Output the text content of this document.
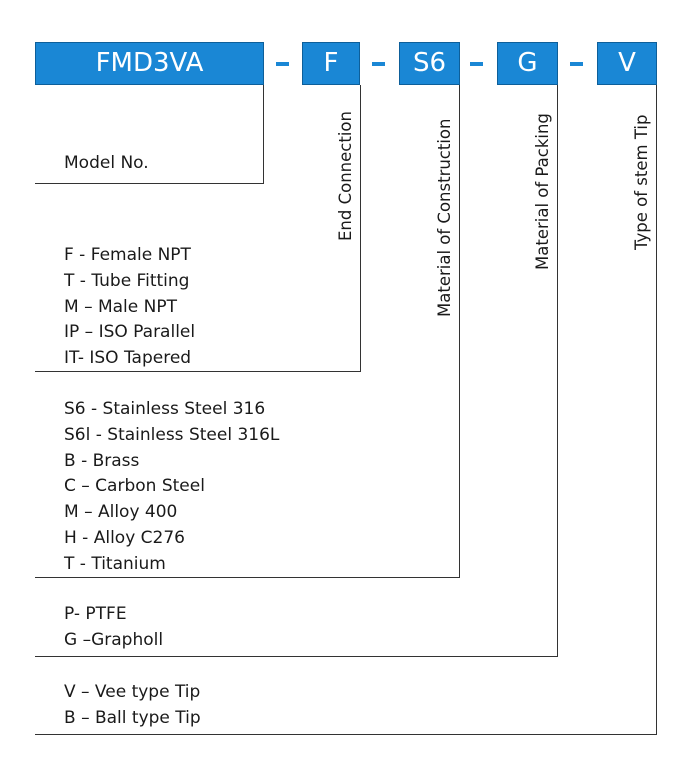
FMD3VA	F	S6	G	V
End Connection	Material of Construction	Material of Packing	Type of stem Tip
Model No.
F - Female NPT
T - Tube Fitting
M – Male NPT
IP – ISO Parallel
IT- ISO Tapered
S6 - Stainless Steel 316
S6l - Stainless Steel 316L
B - Brass
C – Carbon Steel
M – Alloy 400
H - Alloy C276
T - Titanium
P- PTFE
G –Grapholl
V – Vee type Tip
B – Ball type Tip
